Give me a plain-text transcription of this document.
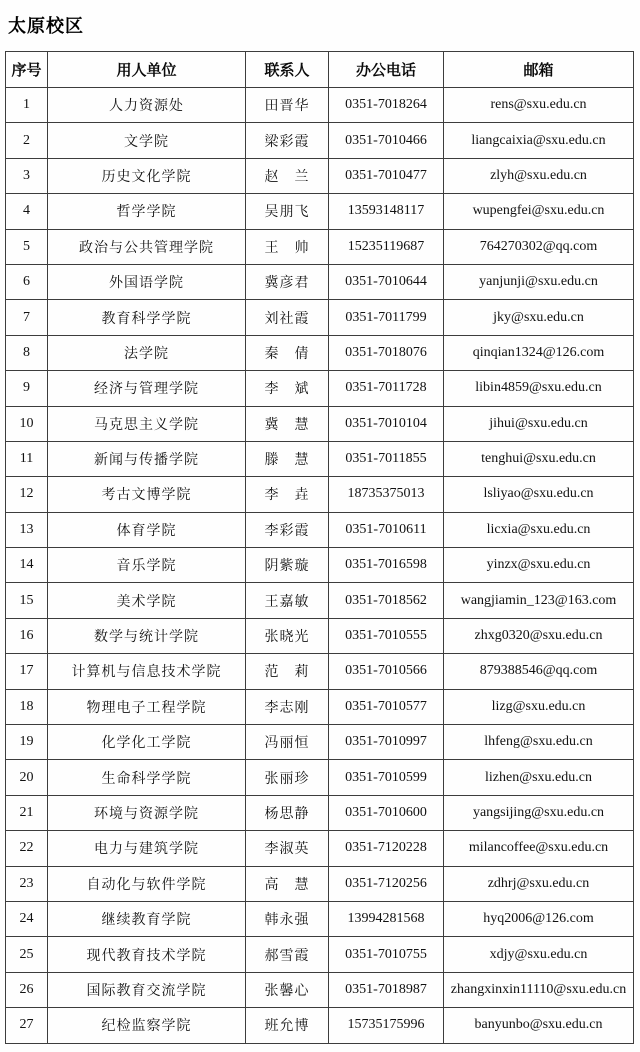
太原校区
序号	用人单位	联系人	办公电话	邮箱
1	人力资源处	田晋华	0351-7018264	rens@sxu.edu.cn
2	文学院	梁彩霞	0351-7010466	liangcaixia@sxu.edu.cn
3	历史文化学院	赵　兰	0351-7010477	zlyh@sxu.edu.cn
4	哲学学院	吴朋飞	13593148117	wupengfei@sxu.edu.cn
5	政治与公共管理学院	王　帅	15235119687	764270302@qq.com
6	外国语学院	冀彦君	0351-7010644	yanjunji@sxu.edu.cn
7	教育科学学院	刘社霞	0351-7011799	jky@sxu.edu.cn
8	法学院	秦　倩	0351-7018076	qinqian1324@126.com
9	经济与管理学院	李　斌	0351-7011728	libin4859@sxu.edu.cn
10	马克思主义学院	冀　慧	0351-7010104	jihui@sxu.edu.cn
11	新闻与传播学院	滕　慧	0351-7011855	tenghui@sxu.edu.cn
12	考古文博学院	李　垚	18735375013	lsliyao@sxu.edu.cn
13	体育学院	李彩霞	0351-7010611	licxia@sxu.edu.cn
14	音乐学院	阴紫璇	0351-7016598	yinzx@sxu.edu.cn
15	美术学院	王嘉敏	0351-7018562	wangjiamin_123@163.com
16	数学与统计学院	张晓光	0351-7010555	zhxg0320@sxu.edu.cn
17	计算机与信息技术学院	范　莉	0351-7010566	879388546@qq.com
18	物理电子工程学院	李志刚	0351-7010577	lizg@sxu.edu.cn
19	化学化工学院	冯丽恒	0351-7010997	lhfeng@sxu.edu.cn
20	生命科学学院	张丽珍	0351-7010599	lizhen@sxu.edu.cn
21	环境与资源学院	杨思静	0351-7010600	yangsijing@sxu.edu.cn
22	电力与建筑学院	李淑英	0351-7120228	milancoffee@sxu.edu.cn
23	自动化与软件学院	高　慧	0351-7120256	zdhrj@sxu.edu.cn
24	继续教育学院	韩永强	13994281568	hyq2006@126.com
25	现代教育技术学院	郝雪霞	0351-7010755	xdjy@sxu.edu.cn
26	国际教育交流学院	张馨心	0351-7018987	zhangxinxin11110@sxu.edu.cn
27	纪检监察学院	班允博	15735175996	banyunbo@sxu.edu.cn
